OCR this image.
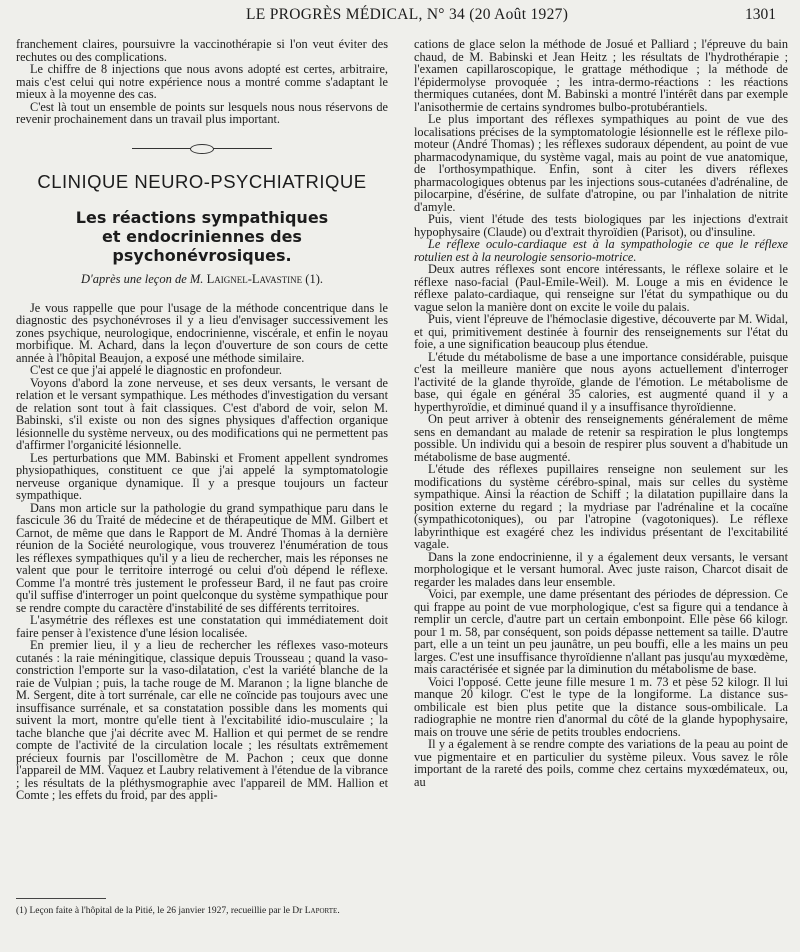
LE PROGRÈS MÉDICAL, N° 34 (20 Août 1927)	1301

franchement claires, poursuivre la vaccinothérapie si l'on veut éviter des rechutes ou des complications.

Le chiffre de 8 injections que nous avons adopté est certes, arbitraire, mais c'est celui qui notre expérience nous a montré comme s'adaptant le mieux à la moyenne des cas.

C'est là tout un ensemble de points sur lesquels nous nous réservons de revenir prochainement dans un travail plus important.

CLINIQUE NEURO-PSYCHIATRIQUE
Les réactions sympathiques
et endocriniennes des psychonévrosiques.
D'après une leçon de M. Laignel-Lavastine (1).

Je vous rappelle que pour l'usage de la méthode concentrique dans le diagnostic des psychonévroses il y a lieu d'envisager successivement les zones psychique, neurologique, endocrinienne, viscérale, et enfin le noyau morbifique. M. Achard, dans la leçon d'ouverture de son cours de cette année à l'hôpital Beaujon, a exposé une méthode similaire.

C'est ce que j'ai appelé le diagnostic en profondeur.

Voyons d'abord la zone nerveuse, et ses deux versants, le versant de relation et le versant sympathique. Les méthodes d'investigation du versant de relation sont tout à fait classiques. C'est d'abord de voir, selon M. Babinski, s'il existe ou non des signes physiques d'affection organique lésionnelle du système nerveux, ou des modifications qui ne permettent pas d'affirmer l'organicité lésionnelle.

Les perturbations que MM. Babinski et Froment appellent syndromes physiopathiques, constituent ce que j'ai appelé la symptomatologie nerveuse organique dynamique. Il y a presque toujours un facteur sympathique.

Dans mon article sur la pathologie du grand sympathique paru dans le fascicule 36 du Traité de médecine et de thérapeutique de MM. Gilbert et Carnot, de même que dans le Rapport de M. André Thomas à la dernière réunion de la Société neurologique, vous trouverez l'énumération de tous les réflexes sympathiques qu'il y a lieu de rechercher, mais les réponses ne valent que pour le territoire interrogé ou celui d'où dépend le réflexe. Comme l'a montré très justement le professeur Bard, il ne faut pas croire qu'il suffise d'interroger un point quelconque du système sympathique pour se rendre compte du caractère d'instabilité de ses différents territoires.

L'asymétrie des réflexes est une constatation qui immédiatement doit faire penser à l'existence d'une lésion localisée.

En premier lieu, il y a lieu de rechercher les réflexes vaso-moteurs cutanés : la raie méningitique, classique depuis Trousseau ; quand la vaso-constriction l'emporte sur la vaso-dilatation, c'est la variété blanche de la raie de Vulpian ; puis, la tache rouge de M. Maranon ; la ligne blanche de M. Sergent, dite à tort surrénale, car elle ne coïncide pas toujours avec une insuffisance surrénale, et sa constatation possible dans les moments qui suivent la mort, montre qu'elle tient à l'excitabilité idio-musculaire ; la tache blanche que j'ai décrite avec M. Hallion et qui permet de se rendre compte de l'activité de la circulation locale ; les résultats extrêmement précieux fournis par l'oscillomètre de M. Pachon ; ceux que donne l'appareil de MM. Vaquez et Laubry relativement à l'étendue de la vibrance ; les résultats de la pléthysmographie avec l'appareil de MM. Hallion et Comte ; les effets du froid, par des appli-

cations de glace selon la méthode de Josué et Palliard ; l'épreuve du bain chaud, de M. Babinski et Jean Heitz ; les résultats de l'hydrothérapie ; l'examen capillaroscopique, le grattage méthodique ; la méthode de l'épidermolyse provoquée ; les intra-dermo-réactions : les réactions thermiques cutanées, dont M. Babinski a montré l'intérêt dans par exemple l'anisothermie de certains syndromes bulbo-protubérantiels.

Le plus important des réflexes sympathiques au point de vue des localisations précises de la symptomatologie lésionnelle est le réflexe pilo-moteur (André Thomas) ; les réflexes sudoraux dépendent, au point de vue pharmacodynamique, du système vagal, mais au point de vue anatomique, de l'orthosympathique. Enfin, sont à citer les divers réflexes pharmacologiques obtenus par les injections sous-cutanées d'adrénaline, de pilocarpine, d'ésérine, de sulfate d'atropine, ou par l'inhalation de nitrite d'amyle.

Puis, vient l'étude des tests biologiques par les injections d'extrait hypophysaire (Claude) ou d'extrait thyroïdien (Parisot), ou d'insuline.

Le réflexe oculo-cardiaque est à la sympathologie ce que le réflexe rotulien est à la neurologie sensorio-motrice.

Deux autres réflexes sont encore intéressants, le réflexe solaire et le réflexe naso-facial (Paul-Emile-Weil). M. Louge a mis en évidence le réflexe palato-cardiaque, qui renseigne sur l'état du sympathique ou du vague selon la manière dont on excite le voile du palais.

Puis, vient l'épreuve de l'hémoclasie digestive, découverte par M. Widal, et qui, primitivement destinée à fournir des renseignements sur l'état du foie, a une signification beaucoup plus étendue.

L'étude du métabolisme de base a une importance considérable, puisque c'est la meilleure manière que nous ayons actuellement d'interroger l'activité de la glande thyroïde, glande de l'émotion. Le métabolisme de base, qui égale en général 35 calories, est augmenté quand il y a hyperthyroïdie, et diminué quand il y a insuffisance thyroïdienne.

On peut arriver à obtenir des renseignements généralement de même sens en demandant au malade de retenir sa respiration le plus longtemps possible. Un individu qui a besoin de respirer plus souvent a d'habitude un métabolisme de base augmenté.

L'étude des réflexes pupillaires renseigne non seulement sur les modifications du système cérébro-spinal, mais sur celles du système sympathique. Ainsi la réaction de Schiff ; la dilatation pupillaire dans la position externe du regard ; la mydriase par l'adrénaline et la cocaïne (sympathicotoniques), ou par l'atropine (vagotoniques). Le réflexe labyrinthique est exagéré chez les individus présentant de l'excitabilité vagale.

Dans la zone endocrinienne, il y a également deux versants, le versant morphologique et le versant humoral. Avec juste raison, Charcot disait de regarder les malades dans leur ensemble.

Voici, par exemple, une dame présentant des périodes de dépression. Ce qui frappe au point de vue morphologique, c'est sa figure qui a tendance à remplir un cercle, d'autre part un certain embonpoint. Elle pèse 66 kilogr. pour 1 m. 58, par conséquent, son poids dépasse nettement sa taille. D'autre part, elle a un teint un peu jaunâtre, un peu bouffi, elle a les mains un peu larges. C'est une insuffisance thyroïdienne n'allant pas jusqu'au myxœdème, mais caractérisée et signée par la diminution du métabolisme de base.

Voici l'opposé. Cette jeune fille mesure 1 m. 73 et pèse 52 kilogr. Il lui manque 20 kilogr. C'est le type de la longiforme. La distance sus-ombilicale est bien plus petite que la distance sous-ombilicale. La radiographie ne montre rien d'anormal du côté de la glande hypophysaire, mais on trouve une série de petits troubles endocriens.

Il y a également à se rendre compte des variations de la peau au point de vue pigmentaire et en particulier du système pileux. Vous savez le rôle important de la rareté des poils, comme chez certains myxœdémateux, ou, au

(1) Leçon faite à l'hôpital de la Pitié, le 26 janvier 1927, recueillie par le Dr Laporte.
